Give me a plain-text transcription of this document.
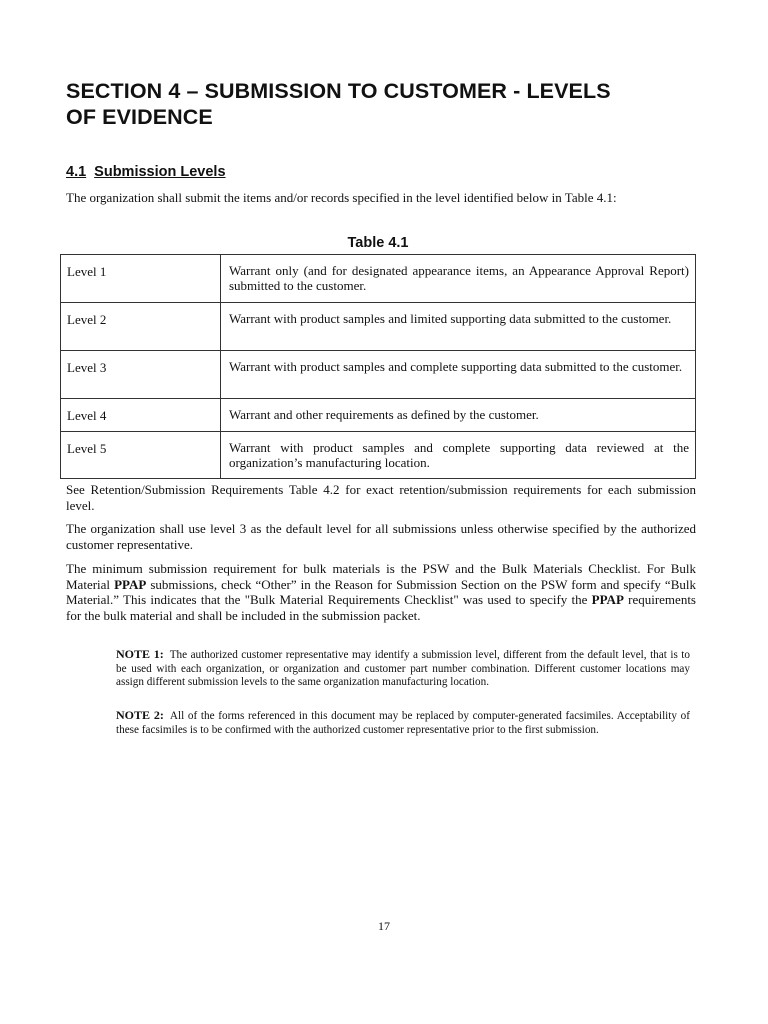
SECTION 4 – SUBMISSION TO CUSTOMER - LEVELS
OF EVIDENCE
4.1 Submission Levels

The organization shall submit the items and/or records specified in the level identified below in Table 4.1:

Table 4.1
Level 1	Warrant only (and for designated appearance items, an Appearance Approval Report) submitted to the customer.
Level 2	Warrant with product samples and limited supporting data submitted to the customer.
Level 3	Warrant with product samples and complete supporting data submitted to the customer.
Level 4	Warrant and other requirements as defined by the customer.
Level 5	Warrant with product samples and complete supporting data reviewed at the organization’s manufacturing location.

See Retention/Submission Requirements Table 4.2 for exact retention/submission requirements for each submission level.

The organization shall use level 3 as the default level for all submissions unless otherwise specified by the authorized customer representative.

The minimum submission requirement for bulk materials is the PSW and the Bulk Materials Checklist. For Bulk Material PPAP submissions, check “Other” in the Reason for Submission Section on the PSW form and specify “Bulk Material.” This indicates that the "Bulk Material Requirements Checklist" was used to specify the PPAP requirements for the bulk material and shall be included in the submission packet.

NOTE 1: The authorized customer representative may identify a submission level, different from the default level, that is to be used with each organization, or organization and customer part number combination. Different customer locations may assign different submission levels to the same organization manufacturing location.

NOTE 2: All of the forms referenced in this document may be replaced by computer-generated facsimiles. Acceptability of these facsimiles is to be confirmed with the authorized customer representative prior to the first submission.

17
